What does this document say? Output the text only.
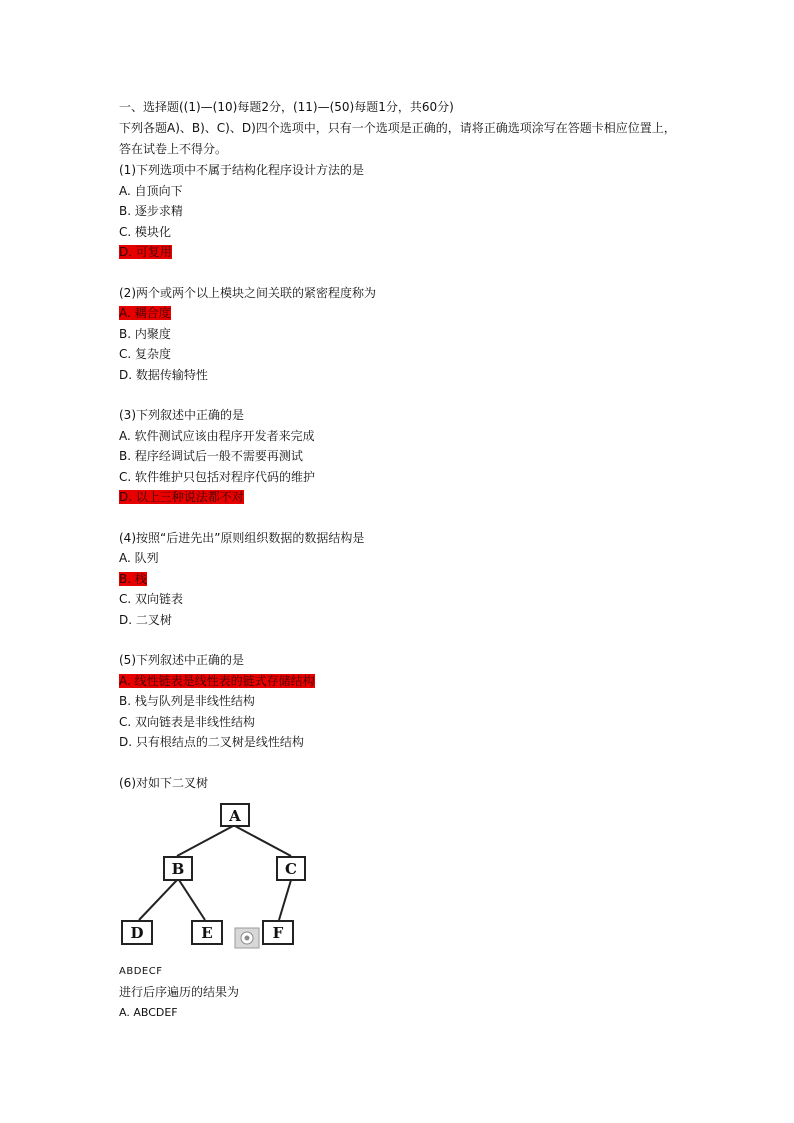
一、选择题((1)—(10)每题2分，(11)—(50)每题1分，共60分)
下列各题A)、B)、C)、D)四个选项中，只有一个选项是正确的，请将正确选项涂写在答题卡相应位置上，
答在试卷上不得分。
(1)下列选项中不属于结构化程序设计方法的是
A. 自顶向下
B. 逐步求精
C. 模块化
D. 可复用
(2)两个或两个以上模块之间关联的紧密程度称为
A. 耦合度
B. 内聚度
C. 复杂度
D. 数据传输特性
(3)下列叙述中正确的是
A. 软件测试应该由程序开发者来完成
B. 程序经调试后一般不需要再测试
C. 软件维护只包括对程序代码的维护
D. 以上三种说法都不对
(4)按照“后进先出”原则组织数据的数据结构是
A. 队列
B. 栈
C. 双向链表
D. 二叉树
(5)下列叙述中正确的是
A. 线性链表是线性表的链式存储结构
B. 栈与队列是非线性结构
C. 双向链表是非线性结构
D. 只有根结点的二叉树是线性结构
(6)对如下二叉树
A
B	C
D	E	F
ABDECF
进行后序遍历的结果为
A. ABCDEF
